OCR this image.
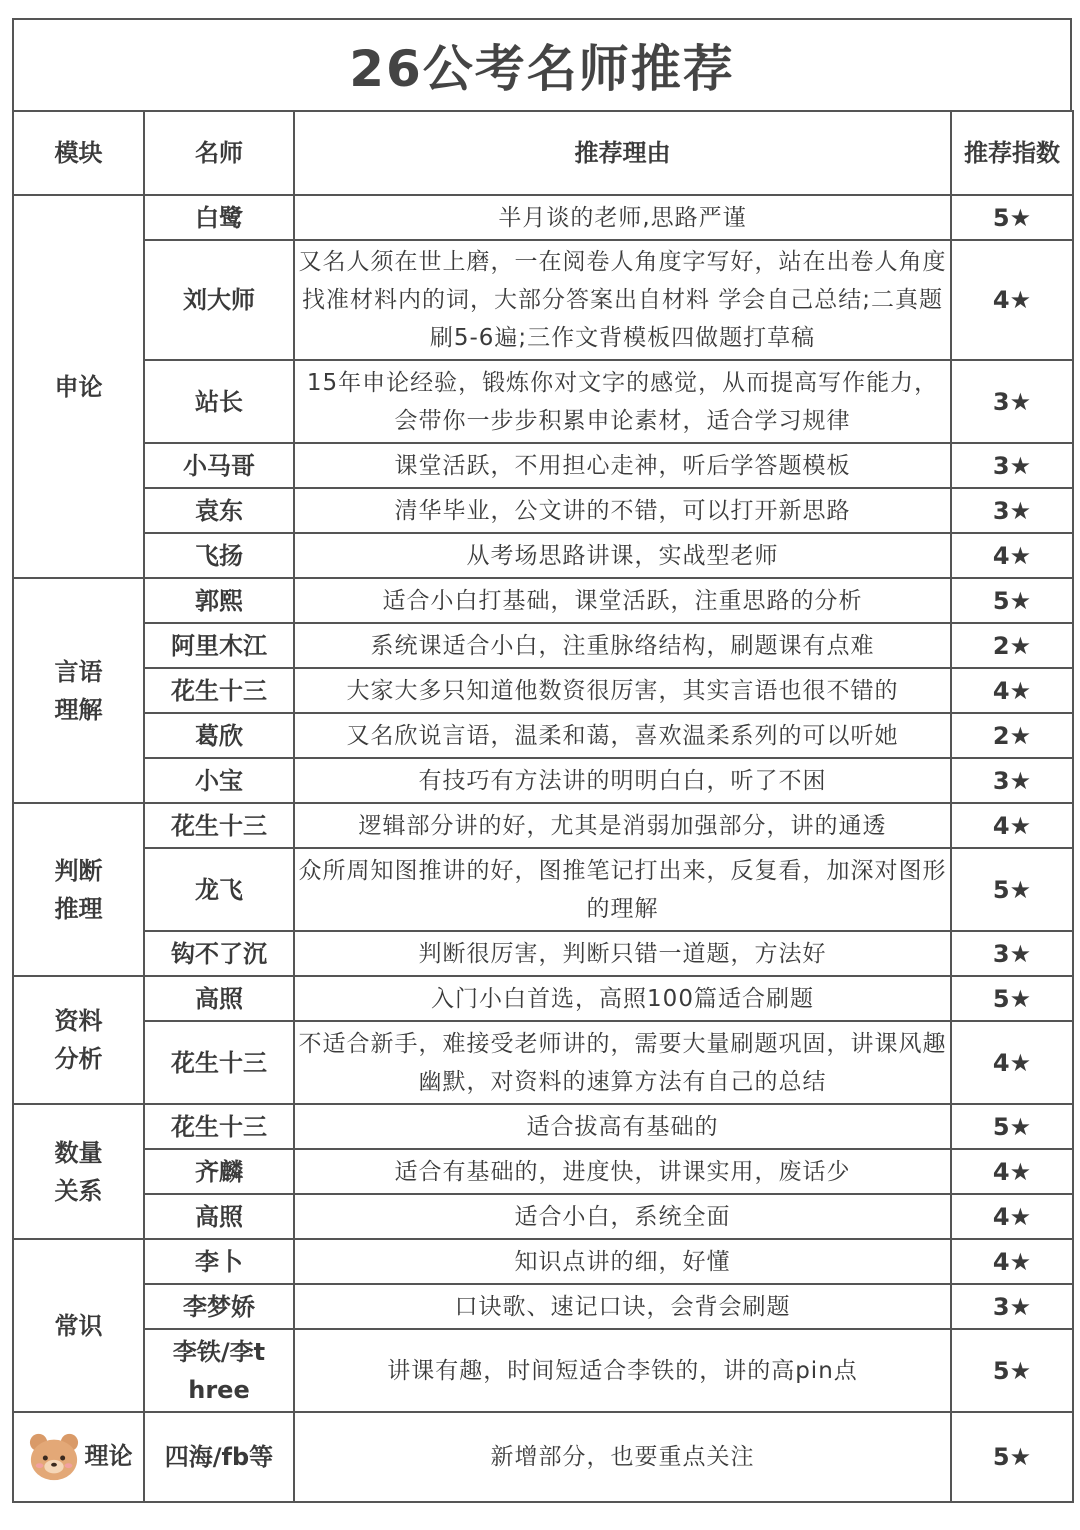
26公考名师推荐
模块	名师	推荐理由	推荐指数
申论	白鹭	半月谈的老师,思路严谨	5★
	刘大师	又名人须在世上磨，一在阅卷人角度字写好，站在出卷人角度找准材料内的词，大部分答案出自材料 学会自己总结;二真题刷5-6遍;三作文背模板四做题打草稿	4★
	站长	15年申论经验，锻炼你对文字的感觉，从而提高写作能力，会带你一步步积累申论素材，适合学习规律	3★
	小马哥	课堂活跃，不用担心走神，听后学答题模板	3★
	袁东	清华毕业，公文讲的不错，可以打开新思路	3★
	飞扬	从考场思路讲课，实战型老师	4★
言语理解	郭熙	适合小白打基础，课堂活跃，注重思路的分析	5★
	阿里木江	系统课适合小白，注重脉络结构，刷题课有点难	2★
	花生十三	大家大多只知道他数资很厉害，其实言语也很不错的	4★
	葛欣	又名欣说言语，温柔和蔼，喜欢温柔系列的可以听她	2★
	小宝	有技巧有方法讲的明明白白，听了不困	3★
判断推理	花生十三	逻辑部分讲的好，尤其是消弱加强部分，讲的通透	4★
	龙飞	众所周知图推讲的好，图推笔记打出来，反复看，加深对图形的理解	5★
	钩不了沉	判断很厉害，判断只错一道题，方法好	3★
资料分析	高照	入门小白首选，高照100篇适合刷题	5★
	花生十三	不适合新手，难接受老师讲的，需要大量刷题巩固，讲课风趣幽默，对资料的速算方法有自己的总结	4★
数量关系	花生十三	适合拔高有基础的	5★
	齐麟	适合有基础的，进度快，讲课实用，废话少	4★
	高照	适合小白，系统全面	4★
常识	李卜	知识点讲的细，好懂	4★
	李梦娇	口诀歌、速记口诀，会背会刷题	3★
	李铁/李three	讲课有趣，时间短适合李铁的，讲的高pin点	5★
理论	四海/fb等	新增部分，也要重点关注	5★
